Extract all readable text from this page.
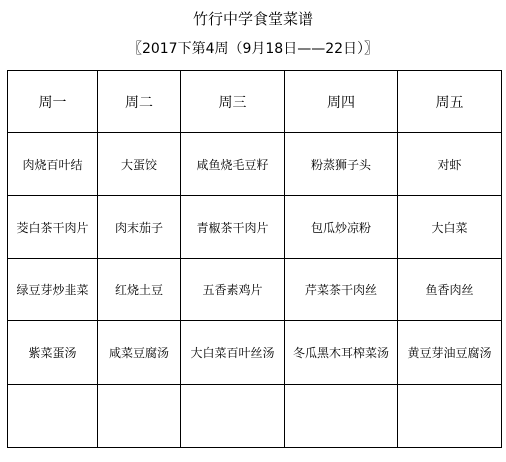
竹行中学食堂菜谱
〖2017下第4周（9月18日——22日）〗
周一	周二	周三	周四	周五
肉烧百叶结	大蛋饺	咸鱼烧毛豆籽	粉蒸狮子头	对虾
茭白茶干肉片	肉末茄子	青椒茶干肉片	包瓜炒凉粉	大白菜
绿豆芽炒韭菜	红烧土豆	五香素鸡片	芹菜茶干肉丝	鱼香肉丝
紫菜蛋汤	咸菜豆腐汤	大白菜百叶丝汤	冬瓜黑木耳榨菜汤	黄豆芽油豆腐汤
